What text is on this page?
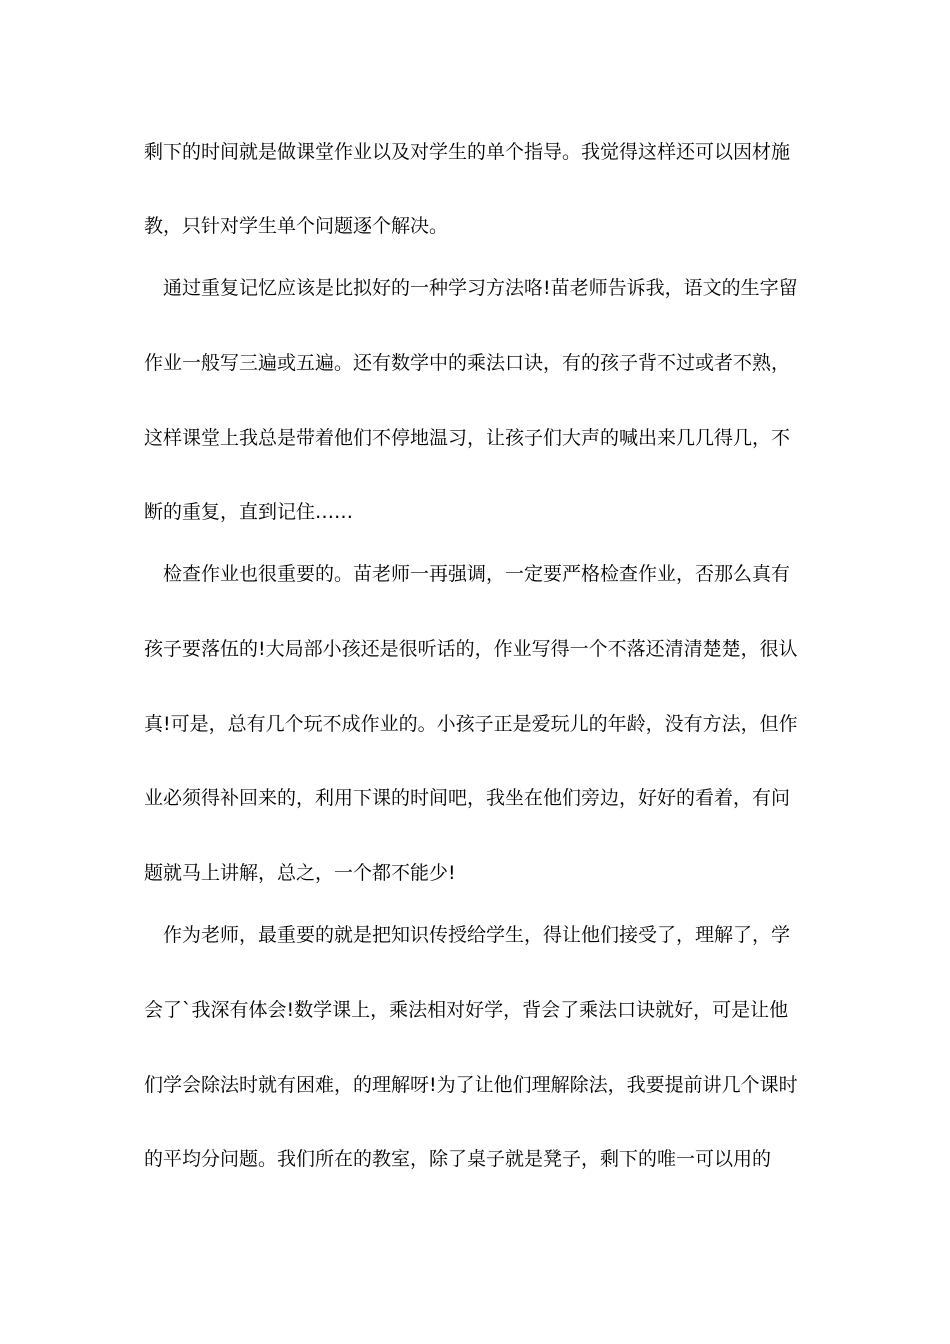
剩下的时间就是做课堂作业以及对学生的单个指导。我觉得这样还可以因材施
教，只针对学生单个问题逐个解决。
通过重复记忆应该是比拟好的一种学习方法咯!苗老师告诉我，语文的生字留
作业一般写三遍或五遍。还有数学中的乘法口诀，有的孩子背不过或者不熟，
这样课堂上我总是带着他们不停地温习，让孩子们大声的喊出来几几得几，不
断的重复，直到记住……
检查作业也很重要的。苗老师一再强调，一定要严格检查作业，否那么真有
孩子要落伍的!大局部小孩还是很听话的，作业写得一个不落还清清楚楚，很认
真!可是，总有几个玩不成作业的。小孩子正是爱玩儿的年龄，没有方法，但作
业必须得补回来的，利用下课的时间吧，我坐在他们旁边，好好的看着，有问
题就马上讲解，总之，一个都不能少!
作为老师，最重要的就是把知识传授给学生，得让他们接受了，理解了，学
会了`我深有体会!数学课上，乘法相对好学，背会了乘法口诀就好，可是让他
们学会除法时就有困难，的理解呀!为了让他们理解除法，我要提前讲几个课时
的平均分问题。我们所在的教室，除了桌子就是凳子，剩下的唯一可以用的
